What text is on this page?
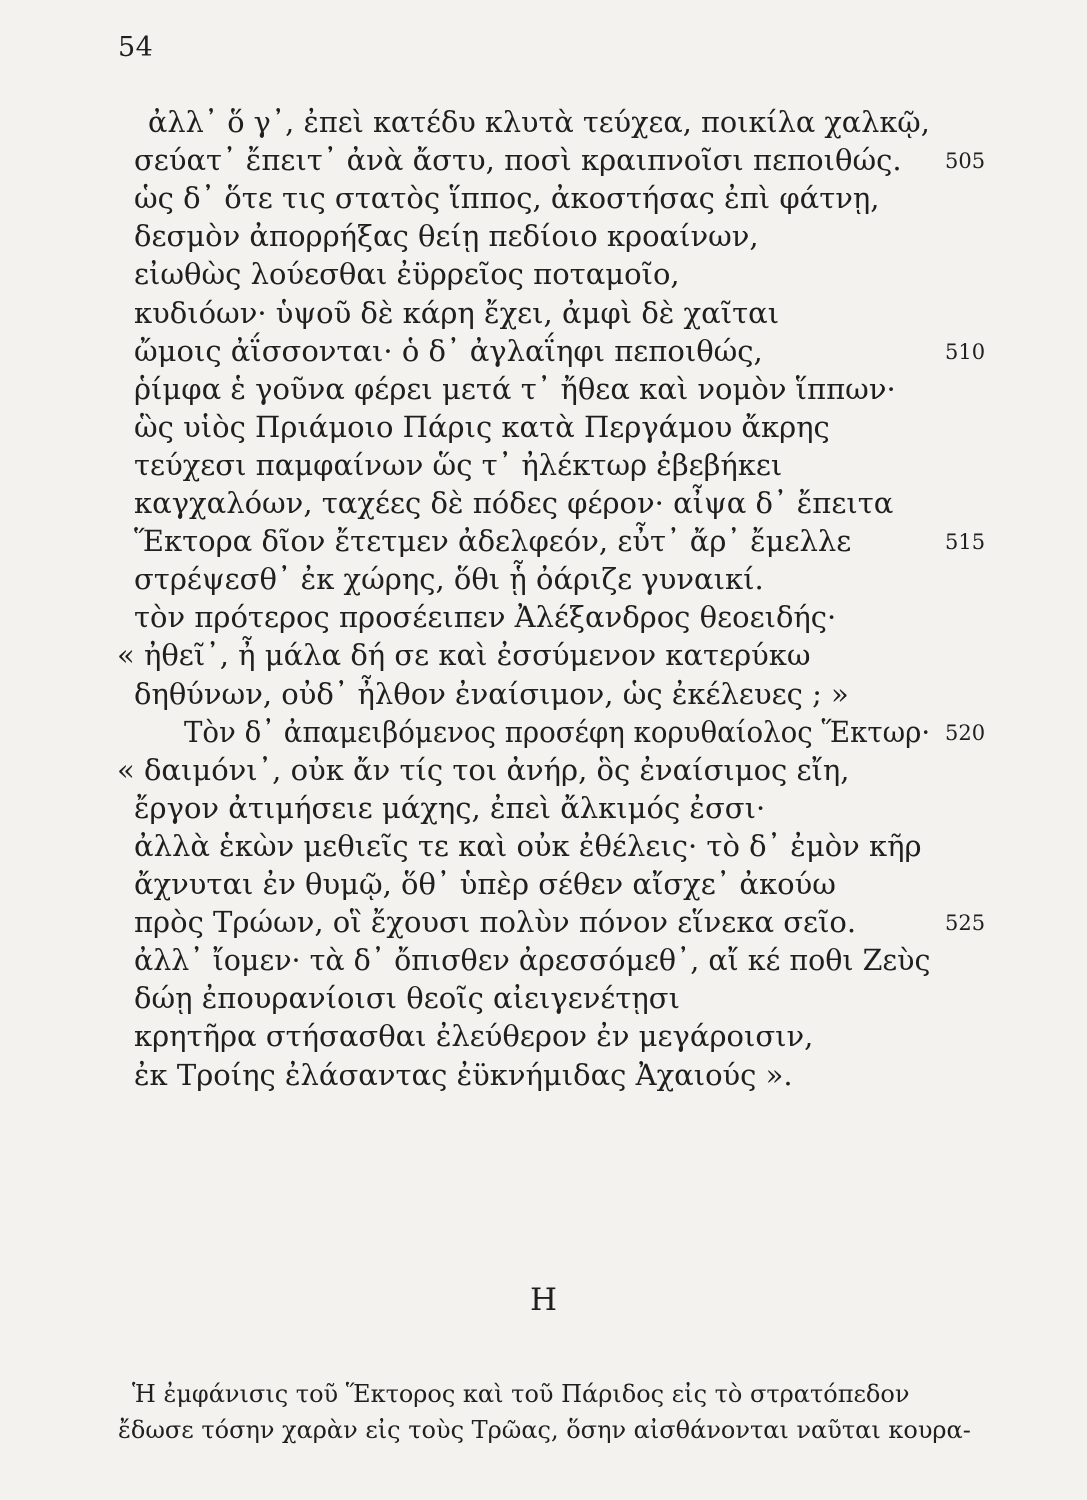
54
ἀλλ᾽ ὅ γ᾽, ἐπεὶ κατέδυ κλυτὰ τεύχεα, ποικίλα χαλκῷ,
σεύατ᾽ ἔπειτ᾽ ἀνὰ ἄστυ, ποσὶ κραιπνοῖσι πεποιθώς. 505
ὡς δ᾽ ὅτε τις στατὸς ἵππος, ἀκοστήσας ἐπὶ φάτνῃ,
δεσμὸν ἀπορρήξας θείῃ πεδίοιο κροαίνων,
εἰωθὼς λούεσθαι ἐϋρρεῖος ποταμοῖο,
κυδιόων· ὑψοῦ δὲ κάρη ἔχει, ἀμφὶ δὲ χαῖται
ὤμοις ἀΐσσονται· ὁ δ᾽ ἀγλαΐηφι πεποιθώς,	510
ῥίμφα ἑ γοῦνα φέρει μετά τ᾽ ἤθεα καὶ νομὸν ἵππων·
ὣς υἱὸς Πριάμοιο Πάρις κατὰ Περγάμου ἄκρης
τεύχεσι παμφαίνων ὥς τ᾽ ἠλέκτωρ ἐβεβήκει
καγχαλόων, ταχέες δὲ πόδες φέρον· αἶψα δ᾽ ἔπειτα
Ἕκτορα δῖον ἔτετμεν ἀδελφεόν, εὖτ᾽ ἄρ᾽ ἔμελλε	515
στρέψεσθ᾽ ἐκ χώρης, ὅθι ᾗ ὀάριζε γυναικί.
τὸν πρότερος προσέειπεν Ἀλέξανδρος θεοειδής·
« ἠθεῖ᾽, ἦ μάλα δή σε καὶ ἐσσύμενον κατερύκω
δηθύνων, οὐδ᾽ ἦλθον ἐναίσιμον, ὡς ἐκέλευες ; »
Τὸν δ᾽ ἀπαμειβόμενος προσέφη κορυθαίολος Ἕκτωρ· 520
« δαιμόνι᾽, οὐκ ἄν τίς τοι ἀνήρ, ὃς ἐναίσιμος εἴη,
ἔργον ἀτιμήσειε μάχης, ἐπεὶ ἄλκιμός ἐσσι·
ἀλλὰ ἑκὼν μεθιεῖς τε καὶ οὐκ ἐθέλεις· τὸ δ᾽ ἐμὸν κῆρ
ἄχνυται ἐν θυμῷ, ὅθ᾽ ὑπὲρ σέθεν αἴσχε᾽ ἀκούω
πρὸς Τρώων, οἳ ἔχουσι πολὺν πόνον εἵνεκα σεῖο.	525
ἀλλ᾽ ἴομεν· τὰ δ᾽ ὄπισθεν ἀρεσσόμεθ᾽, αἴ κέ ποθι Ζεὺς
δώῃ ἐπουρανίοισι θεοῖς αἰειγενέτῃσι
κρητῆρα στήσασθαι ἐλεύθερον ἐν μεγάροισιν,
ἐκ Τροίης ἐλάσαντας ἐϋκνήμιδας Ἀχαιούς ».
Η
Ἡ ἐμφάνισις τοῦ Ἕκτορος καὶ τοῦ Πάριδος εἰς τὸ στρατόπεδον
ἔδωσε τόσην χαρὰν εἰς τοὺς Τρῶας, ὅσην αἰσθάνονται ναῦται κουρα-
